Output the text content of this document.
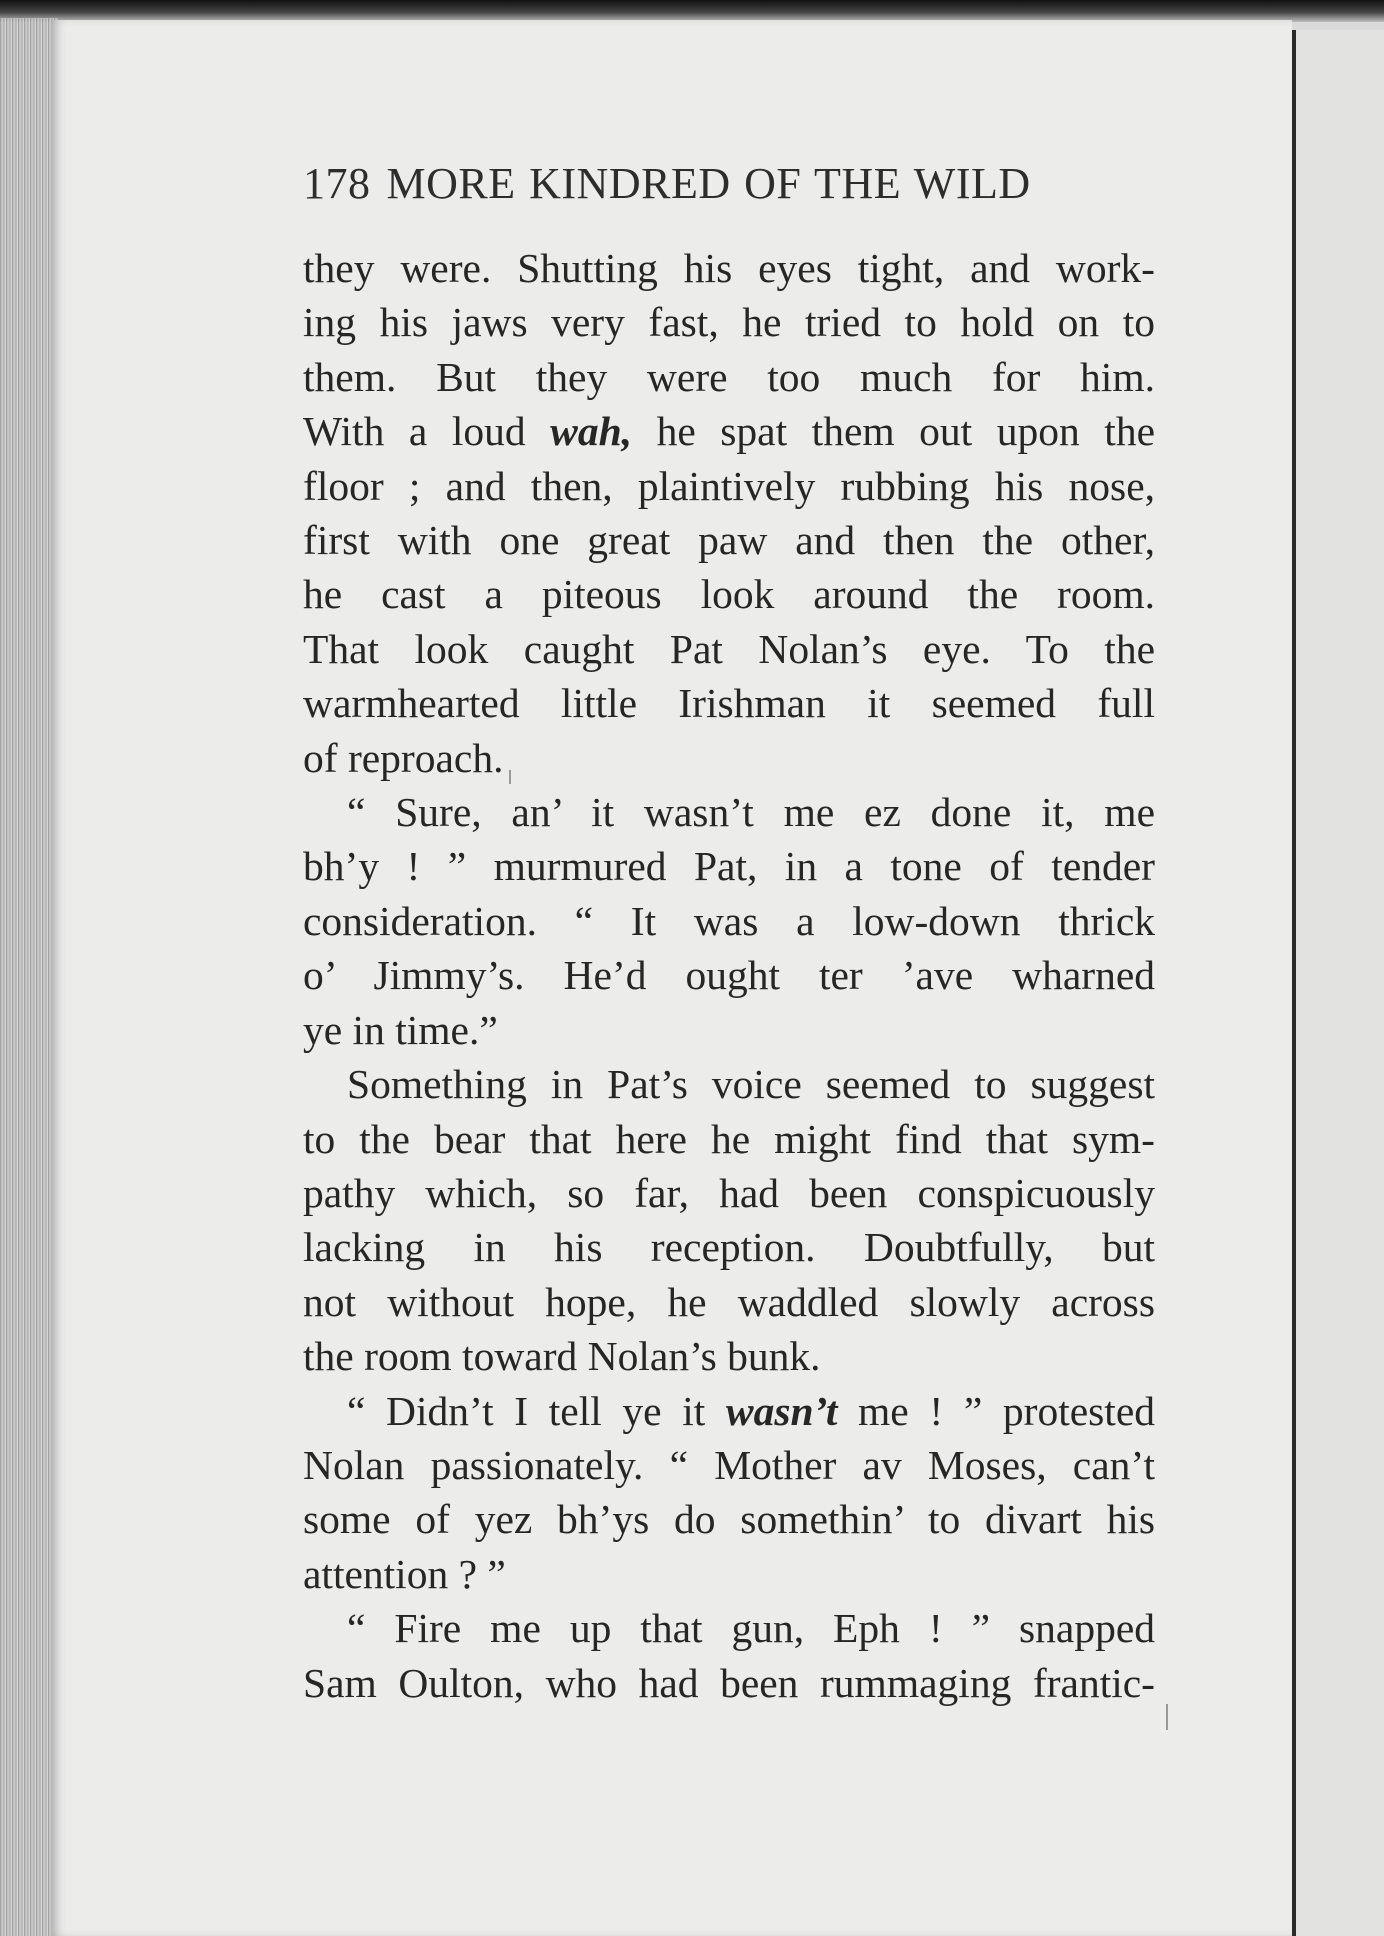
178 MORE KINDRED OF THE WILD

they were. Shutting his eyes tight, and work-

ing his jaws very fast, he tried to hold on to

them. But they were too much for him.

With a loud wah, he spat them out upon the

floor ; and then, plaintively rubbing his nose,

first with one great paw and then the other,

he cast a piteous look around the room.

That look caught Pat Nolan’s eye. To the

warmhearted little Irishman it seemed full

of reproach.

“ Sure, an’ it wasn’t me ez done it, me

bh’y ! ” murmured Pat, in a tone of tender

consideration. “ It was a low-down thrick

o’ Jimmy’s. He’d ought ter ’ave wharned

ye in time.”

Something in Pat’s voice seemed to suggest

to the bear that here he might find that sym-

pathy which, so far, had been conspicuously

lacking in his reception. Doubtfully, but

not without hope, he waddled slowly across

the room toward Nolan’s bunk.

“ Didn’t I tell ye it wasn’t me ! ” protested

Nolan passionately. “ Mother av Moses, can’t

some of yez bh’ys do somethin’ to divart his

attention ? ”

“ Fire me up that gun, Eph ! ” snapped

Sam Oulton, who had been rummaging frantic-
